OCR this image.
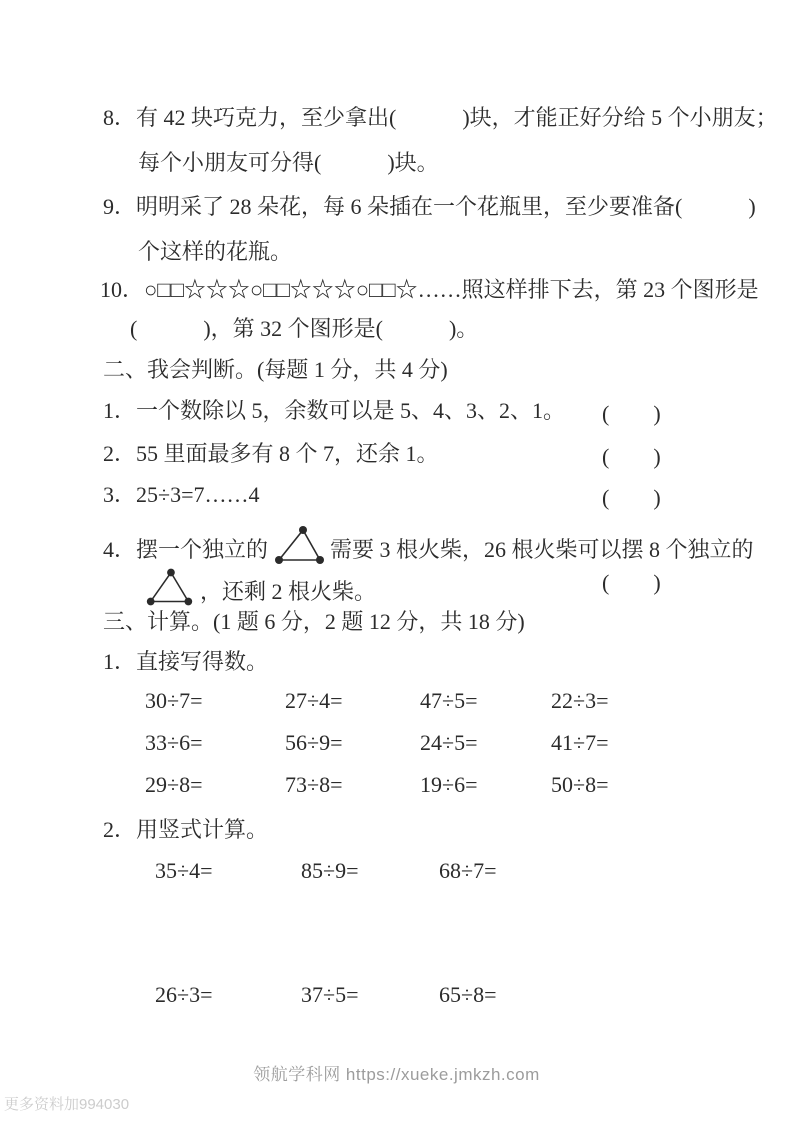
8．有 42 块巧克力，至少拿出(　　　)块，才能正好分给 5 个小朋友；
每个小朋友可分得(　　　)块。
9．明明采了 28 朵花，每 6 朵插在一个花瓶里，至少要准备(　　　)
个这样的花瓶。
10．○□□☆☆☆○□□☆☆☆○□□☆……照这样排下去，第 23 个图形是
(　　　)，第 32 个图形是(　　　)。
二、我会判断。(每题 1 分，共 4 分)
1．一个数除以 5，余数可以是 5、4、3、2、1。 (　　)
2．55 里面最多有 8 个 7，还余 1。	(　　)
3．25÷3=7……4	(　　)
4．摆一个独立的	需要 3 根火柴，26 根火柴可以摆 8 个独立的
，还剩 2 根火柴。	(　　)
三、计算。(1 题 6 分，2 题 12 分，共 18 分)
1．直接写得数。
30÷7=	27÷4=	47÷5=	22÷3=
33÷6=	56÷9=	24÷5=	41÷7=
29÷8=	73÷8=	19÷6=	50÷8=
2．用竖式计算。
35÷4=	85÷9=	68÷7=
26÷3=	37÷5=	65÷8=
领航学科网 https://xueke.jmkzh.com
更多资料加994030
